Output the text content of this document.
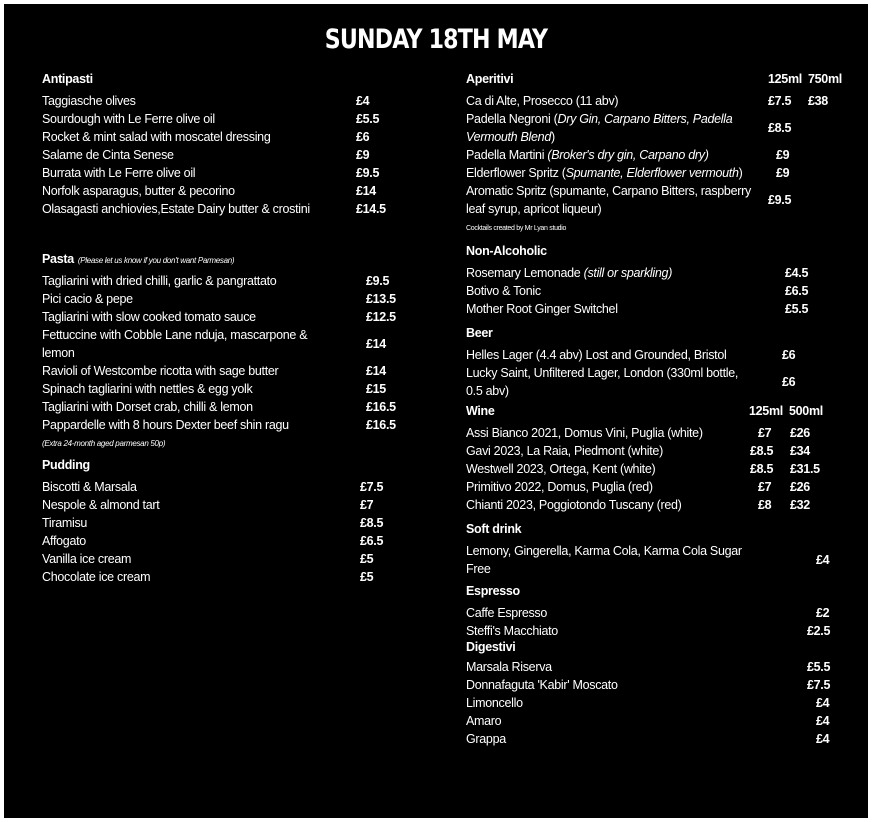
SUNDAY 18TH MAY
Antipasti
Taggiasche olives	£4
Sourdough with Le Ferre olive oil	£5.5
Rocket & mint salad with moscatel dressing	£6
Salame de Cinta Senese	£9
Burrata with Le Ferre olive oil	£9.5
Norfolk asparagus, butter & pecorino	£14
Olasagasti anchiovies,Estate Dairy butter & crostini	£14.5
Pasta (Please let us know if you don't want Parmesan)
Tagliarini with dried chilli, garlic & pangrattato	£9.5
Pici cacio & pepe	£13.5
Tagliarini with slow cooked tomato sauce	£12.5
Fettuccine with Cobble Lane nduja, mascarpone & lemon
£14
Ravioli of Westcombe ricotta with sage butter	£14
Spinach tagliarini with nettles & egg yolk	£15
Tagliarini with Dorset crab, chilli & lemon	£16.5
Pappardelle with 8 hours Dexter beef shin ragu	£16.5
(Extra 24-month aged parmesan 50p)
Pudding
Biscotti & Marsala	£7.5
Nespole & almond tart	£7
Tiramisu	£8.5
Affogato	£6.5
Vanilla ice cream	£5
Chocolate ice cream	£5
Aperitivi	125ml 750ml
Ca di Alte, Prosecco (11 abv)	£7.5	£38
Padella Negroni (Dry Gin, Carpano Bitters, Padella Vermouth Blend)
£8.5
Padella Martini (Broker's dry gin, Carpano dry)	£9
Elderflower Spritz (Spumante, Elderflower vermouth)	£9
Aromatic Spritz (spumante, Carpano Bitters, raspberry leaf syrup, apricot liqueur)
£9.5
Cocktails created by Mr Lyan studio
Non-Alcoholic
Rosemary Lemonade (still or sparkling)	£4.5
Botivo & Tonic	£6.5
Mother Root Ginger Switchel	£5.5
Beer
Helles Lager (4.4 abv) Lost and Grounded, Bristol	£6
Lucky Saint, Unfiltered Lager, London (330ml bottle, 0.5 abv)
£6
Wine	125ml 500ml
Assi Bianco 2021, Domus Vini, Puglia (white)	£7	£26
Gavi 2023, La Raia, Piedmont (white)	£8.5	£34
Westwell 2023, Ortega, Kent (white)	£8.5	£31.5
Primitivo 2022, Domus, Puglia (red)	£7	£26
Chianti 2023, Poggiotondo Tuscany (red)	£8	£32
Soft drink
Lemony, Gingerella, Karma Cola, Karma Cola Sugar Free
£4
Espresso
Caffe Espresso	£2
Steffi's Macchiato	£2.5
Digestivi
Marsala Riserva	£5.5
Donnafaguta 'Kabir' Moscato	£7.5
Limoncello	£4
Amaro	£4
Grappa	£4
